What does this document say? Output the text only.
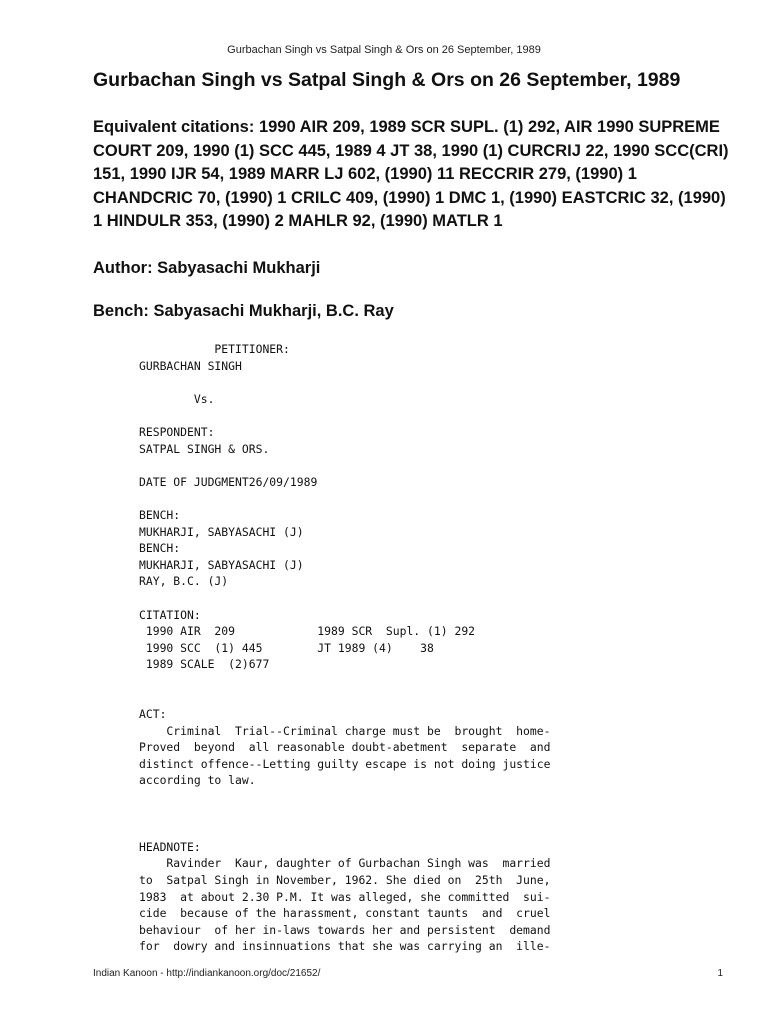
Gurbachan Singh vs Satpal Singh & Ors on 26 September, 1989
Gurbachan Singh vs Satpal Singh & Ors on 26 September, 1989

Equivalent citations: 1990 AIR 209, 1989 SCR SUPL. (1) 292, AIR 1990 SUPREME COURT 209, 1990 (1) SCC 445, 1989 4 JT 38, 1990 (1) CURCRIJ 22, 1990 SCC(CRI) 151, 1990 IJR 54, 1989 MARR LJ 602, (1990) 11 RECCRIR 279, (1990) 1 CHANDCRIC 70, (1990) 1 CRILC 409, (1990) 1 DMC 1, (1990) EASTCRIC 32, (1990) 1 HINDULR 353, (1990) 2 MAHLR 92, (1990) MATLR 1

Author: Sabyasachi Mukharji

Bench: Sabyasachi Mukharji, B.C. Ray

PETITIONER:
GURBACHAN SINGH

Vs.

RESPONDENT:
SATPAL SINGH & ORS.

DATE OF JUDGMENT26/09/1989

BENCH:
MUKHARJI, SABYASACHI (J)
BENCH:
MUKHARJI, SABYASACHI (J)
RAY, B.C. (J)

CITATION:
1990 AIR  209            1989 SCR  Supl. (1) 292
1990 SCC  (1) 445        JT 1989 (4)    38
1989 SCALE  (2)677

ACT:
Criminal  Trial--Criminal charge must be  brought  home-
Proved  beyond  all reasonable doubt-abetment  separate  and
distinct offence--Letting guilty escape is not doing justice
according to law.

HEADNOTE:
Ravinder  Kaur, daughter of Gurbachan Singh was  married
to  Satpal Singh in November, 1962. She died on  25th  June,
1983  at about 2.30 P.M. It was alleged, she committed  sui-
cide  because of the harassment, constant taunts  and  cruel
behaviour  of her in-laws towards her and persistent  demand
for  dowry and insinnuations that she was carrying an  ille-
Indian Kanoon - http://indiankanoon.org/doc/21652/	1
